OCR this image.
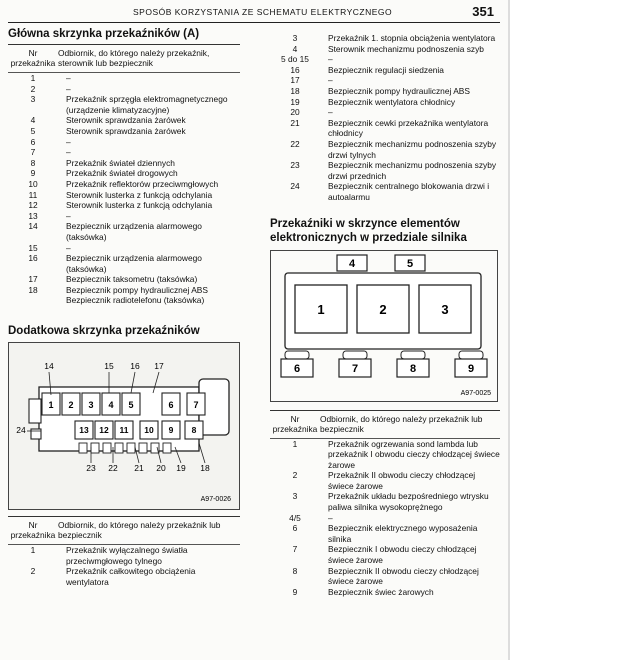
SPOSÓB KORZYSTANIA ZE SCHEMATU ELEKTRYCZNEGO	351
Główna skrzynka przekaźników (A)
Nr przekaźnika	Odbiornik, do którego należy przekaźnik, sterownik lub bezpiecznik
1	–
2	–
3	Przekaźnik sprzęgła elektromagnetycznego (urządzenie klimatyzacyjne)
4	Sterownik sprawdzania żarówek
5	Sterownik sprawdzania żarówek
6	–
7	–
8	Przekaźnik świateł dziennych
9	Przekaźnik świateł drogowych
10	Przekaźnik reflektorów przeciwmgłowych
11	Sterownik lusterka z funkcją odchylania
12	Sterownik lusterka z funkcją odchylania
13	–
14	Bezpiecznik urządzenia alarmowego (taksówka)
15	–
16	Bezpiecznik urządzenia alarmowego (taksówka)
17	Bezpiecznik taksometru (taksówka)
18	Bezpiecznik pompy hydraulicznej ABS Bezpiecznik radiotelefonu (taksówka)
Dodatkowa skrzynka przekaźników
1 2 3 4 5	6 7
13 12 11 10 9 8
14	15 16 17
24
23 22 21 20 19 18
A97-0026
Nr przekaźnika	Odbiornik, do którego należy przekaźnik lub bezpiecznik
1	Przekaźnik wyłączalnego światła przeciwmgłowego tylnego
2	Przekaźnik całkowitego obciążenia wentylatora
3	Przekaźnik 1. stopnia obciążenia wentylatora
4	Sterownik mechanizmu podnoszenia szyb
5 do 15	–
16	Bezpiecznik regulacji siedzenia
17	–
18	Bezpiecznik pompy hydraulicznej ABS
19	Bezpiecznik wentylatora chłodnicy
20	–
21	Bezpiecznik cewki przekaźnika wentylatora chłodnicy
22	Bezpiecznik mechanizmu podnoszenia szyby drzwi tylnych
23	Bezpiecznik mechanizmu podnoszenia szyby drzwi przednich
24	Bezpiecznik centralnego blokowania drzwi i autoalarmu
Przekaźniki w skrzynce elementów elektronicznych w przedziale silnika
1	2	3
4	5
6	7	8	9
A97-0025
Nr przekaźnika	Odbiornik, do którego należy przekaźnik lub bezpiecznik
1	Przekaźnik ogrzewania sond lambda lub przekaźnik I obwodu cieczy chłodzącej świece żarowe
2	Przekaźnik II obwodu cieczy chłodzącej świece żarowe
3	Przekaźnik układu bezpośredniego wtrysku paliwa silnika wysokoprężnego
4/5	–
6	Bezpiecznik elektrycznego wyposażenia silnika
7	Bezpiecznik I obwodu cieczy chłodzącej świece żarowe
8	Bezpiecznik II obwodu cieczy chłodzącej świece żarowe
9	Bezpiecznik świec żarowych
